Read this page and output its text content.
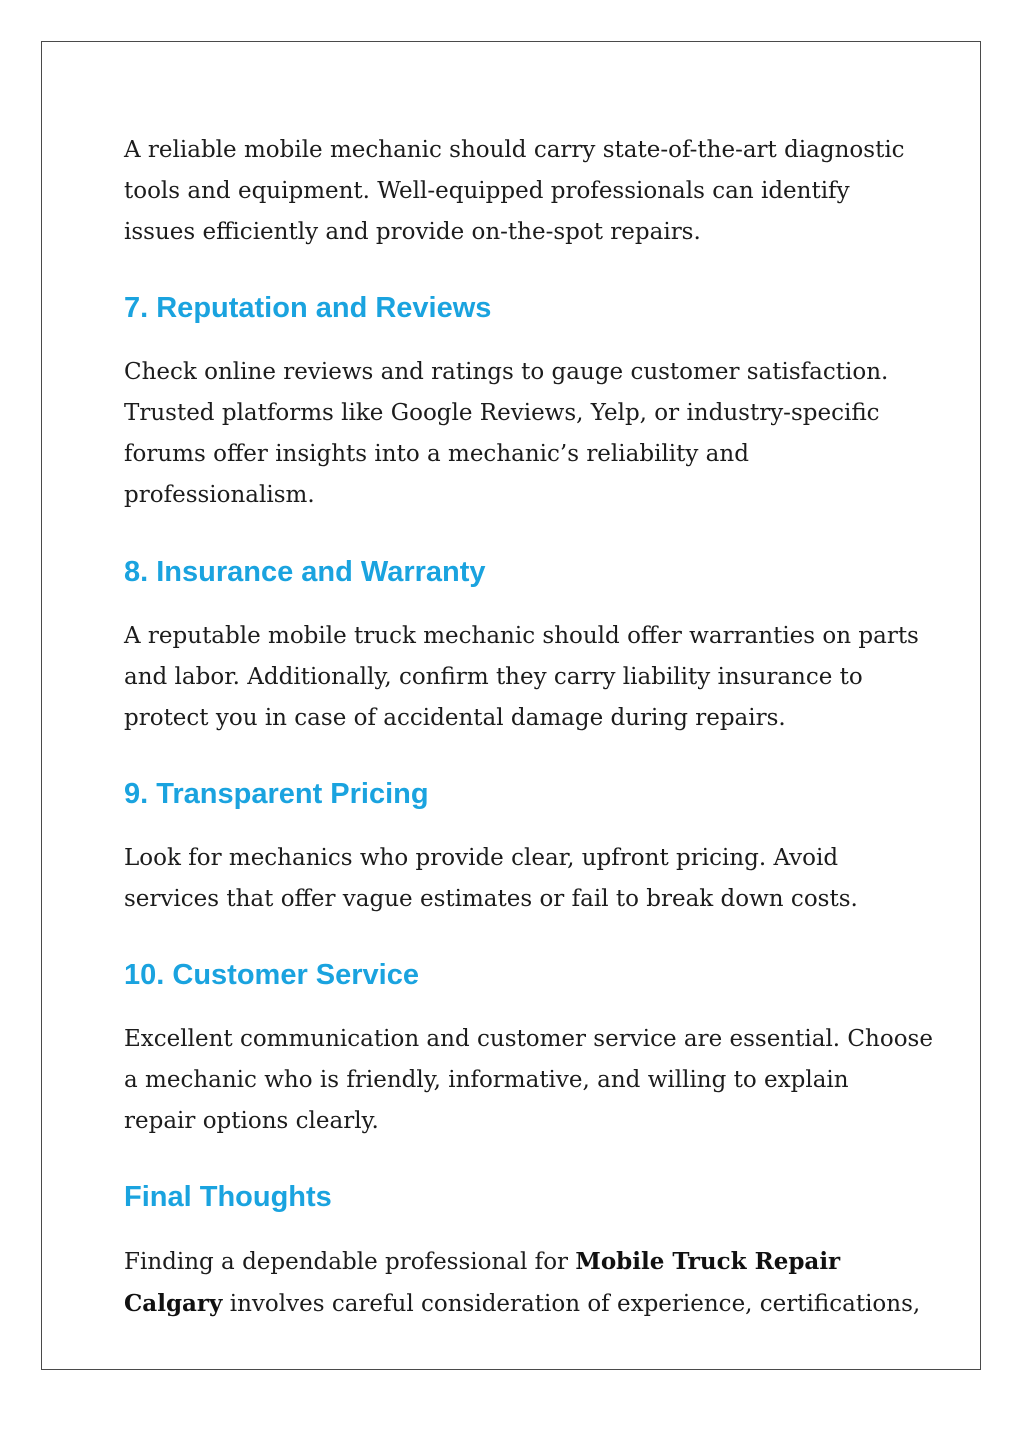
A reliable mobile mechanic should carry state-of-the-art diagnostic
tools and equipment. Well-equipped professionals can identify
issues efficiently and provide on-the-spot repairs.

7. Reputation and Reviews

Check online reviews and ratings to gauge customer satisfaction.
Trusted platforms like Google Reviews, Yelp, or industry-specific
forums offer insights into a mechanic’s reliability and
professionalism.

8. Insurance and Warranty

A reputable mobile truck mechanic should offer warranties on parts
and labor. Additionally, confirm they carry liability insurance to
protect you in case of accidental damage during repairs.

9. Transparent Pricing

Look for mechanics who provide clear, upfront pricing. Avoid
services that offer vague estimates or fail to break down costs.

10. Customer Service

Excellent communication and customer service are essential. Choose
a mechanic who is friendly, informative, and willing to explain
repair options clearly.

Final Thoughts

Finding a dependable professional for Mobile Truck Repair
Calgary involves careful consideration of experience, certifications,
